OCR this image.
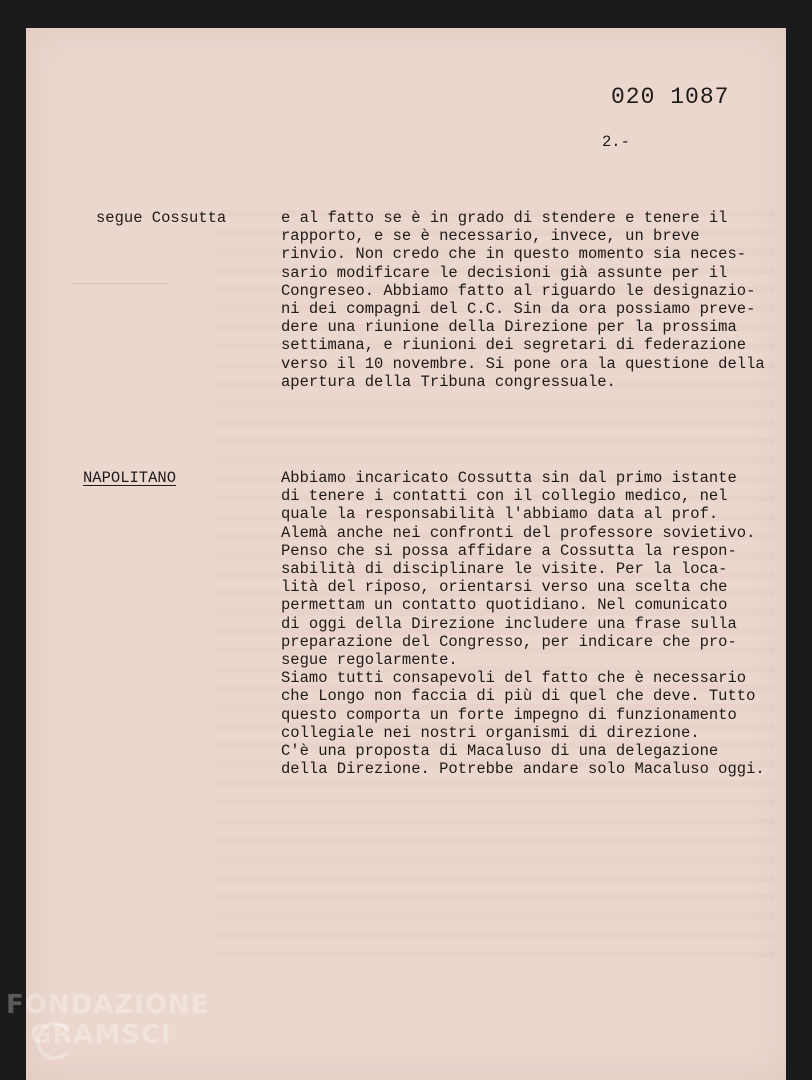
020 1087
2.-
segue Cossutta	e al fatto se è in grado di stendere e tenere il
rapporto, e se è necessario, invece, un breve
rinvio. Non credo che in questo momento sia neces-
sario modificare le decisioni già assunte per il
Congreseo. Abbiamo fatto al riguardo le designazio-
ni dei compagni del C.C. Sin da ora possiamo preve-
dere una riunione della Direzione per la prossima
settimana, e riunioni dei segretari di federazione
verso il 10 novembre. Si pone ora la questione della
apertura della Tribuna congressuale.
NAPOLITANO	Abbiamo incaricato Cossutta sin dal primo istante
di tenere i contatti con il collegio medico, nel
quale la responsabilità l'abbiamo data al prof.
Alemà anche nei confronti del professore sovietivo.
Penso che si possa affidare a Cossutta la respon-
sabilità di disciplinare le visite. Per la loca-
lità del riposo, orientarsi verso una scelta che
permettam un contatto quotidiano. Nel comunicato
di oggi della Direzione includere una frase sulla
preparazione del Congresso, per indicare che pro-
segue regolarmente.
Siamo tutti consapevoli del fatto che è necessario
che Longo non faccia di più di quel che deve. Tutto
questo comporta un forte impegno di funzionamento
collegiale nei nostri organismi di direzione.
C'è una proposta di Macaluso di una delegazione
della Direzione. Potrebbe andare solo Macaluso oggi.
FONDAZIONE
GRAMSCI
